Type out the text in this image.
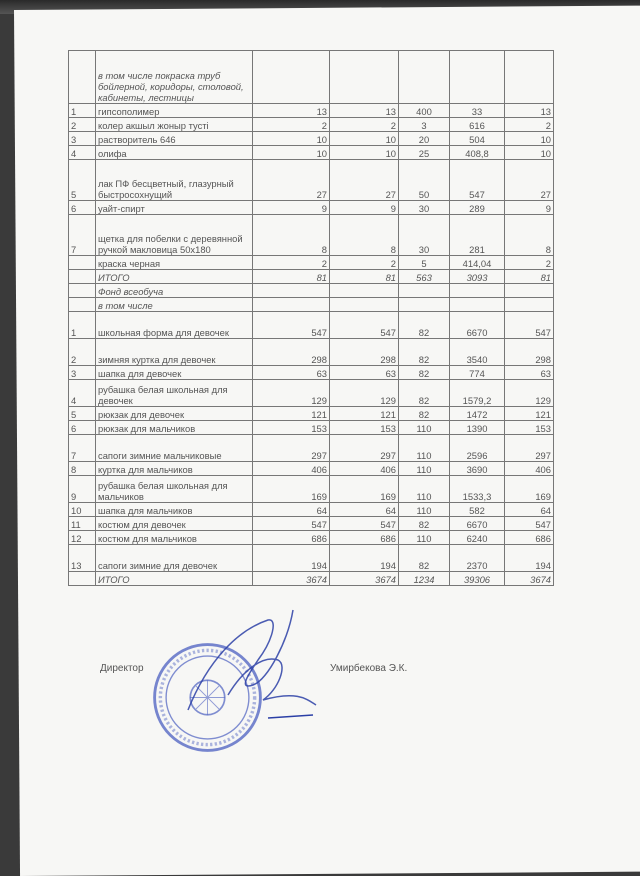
	в том числе покраска труб бойлерной, коридоры, столовой, кабинеты, лестницы					
1	гипсополимер	13	13	400	33	13
2	колер акшыл жоныр тусті	2	2	3	616	2
3	растворитель 646	10	10	20	504	10
4	олифа	10	10	25	408,8	10
5	лак ПФ бесцветный, глазурный быстросохнущий	27	27	50	547	27
6	уайт-спирт	9	9	30	289	9
7	щетка для побелки с деревянной ручкой макловица 50х180	8	8	30	281	8
	краска черная	2	2	5	414,04	2
	ИТОГО	81	81	563	3093	81
	Фонд всеобуча					
	в том числе					
1	школьная форма для девочек	547	547	82	6670	547
2	зимняя куртка для девочек	298	298	82	3540	298
3	шапка для девочек	63	63	82	774	63
4	рубашка белая школьная для девочек	129	129	82	1579,2	129
5	рюкзак для девочек	121	121	82	1472	121
6	рюкзак для мальчиков	153	153	110	1390	153
7	сапоги зимние мальчиковые	297	297	110	2596	297
8	куртка для мальчиков	406	406	110	3690	406
9	рубашка белая школьная для мальчиков	169	169	110	1533,3	169
10	шапка для мальчиков	64	64	110	582	64
11	костюм для девочек	547	547	82	6670	547
12	костюм для мальчиков	686	686	110	6240	686
13	сапоги зимние для девочек	194	194	82	2370	194
	ИТОГО	3674	3674	1234	39306	3674
Директор	Умирбекова Э.К.
